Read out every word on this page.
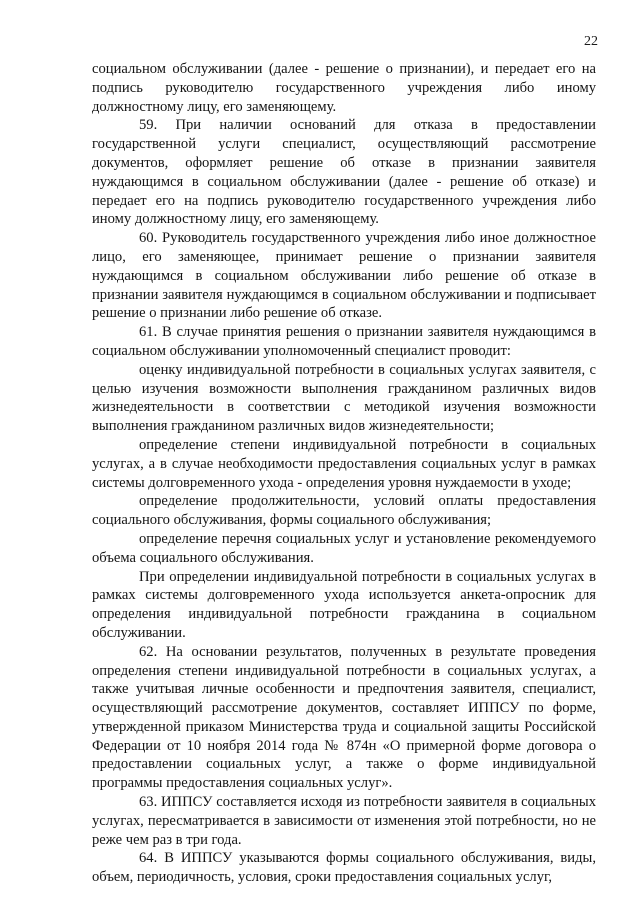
22

социальном обслуживании (далее - решение о признании), и передает его на подпись руководителю государственного учреждения либо иному должностному лицу, его заменяющему.

59. При наличии оснований для отказа в предоставлении государственной услуги специалист, осуществляющий рассмотрение документов, оформляет решение об отказе в признании заявителя нуждающимся в социальном обслуживании (далее - решение об отказе) и передает его на подпись руководителю государственного учреждения либо иному должностному лицу, его заменяющему.

60. Руководитель государственного учреждения либо иное должностное лицо, его заменяющее, принимает решение о признании заявителя нуждающимся в социальном обслуживании либо решение об отказе в признании заявителя нуждающимся в социальном обслуживании и подписывает решение о признании либо решение об отказе.

61. В случае принятия решения о признании заявителя нуждающимся в социальном обслуживании уполномоченный специалист проводит:

оценку индивидуальной потребности в социальных услугах заявителя, с целью изучения возможности выполнения гражданином различных видов жизнедеятельности в соответствии с методикой изучения возможности выполнения гражданином различных видов жизнедеятельности;

определение степени индивидуальной потребности в социальных услугах, а в случае необходимости предоставления социальных услуг в рамках системы долговременного ухода - определения уровня нуждаемости в уходе;

определение продолжительности, условий оплаты предоставления социального обслуживания, формы социального обслуживания;

определение перечня социальных услуг и установление рекомендуемого объема социального обслуживания.

При определении индивидуальной потребности в социальных услугах в рамках системы долговременного ухода используется анкета-опросник для определения индивидуальной потребности гражданина в социальном обслуживании.

62. На основании результатов, полученных в результате проведения определения степени индивидуальной потребности в социальных услугах, а также учитывая личные особенности и предпочтения заявителя, специалист, осуществляющий рассмотрение документов, составляет ИППСУ по форме, утвержденной приказом Министерства труда и социальной защиты Российской Федерации от 10 ноября 2014 года № 874н «О примерной форме договора о предоставлении социальных услуг, а также о форме индивидуальной программы предоставления социальных услуг».

63. ИППСУ составляется исходя из потребности заявителя в социальных услугах, пересматривается в зависимости от изменения этой потребности, но не реже чем раз в три года.

64. В ИППСУ указываются формы социального обслуживания, виды, объем, периодичность, условия, сроки предоставления социальных услуг,
